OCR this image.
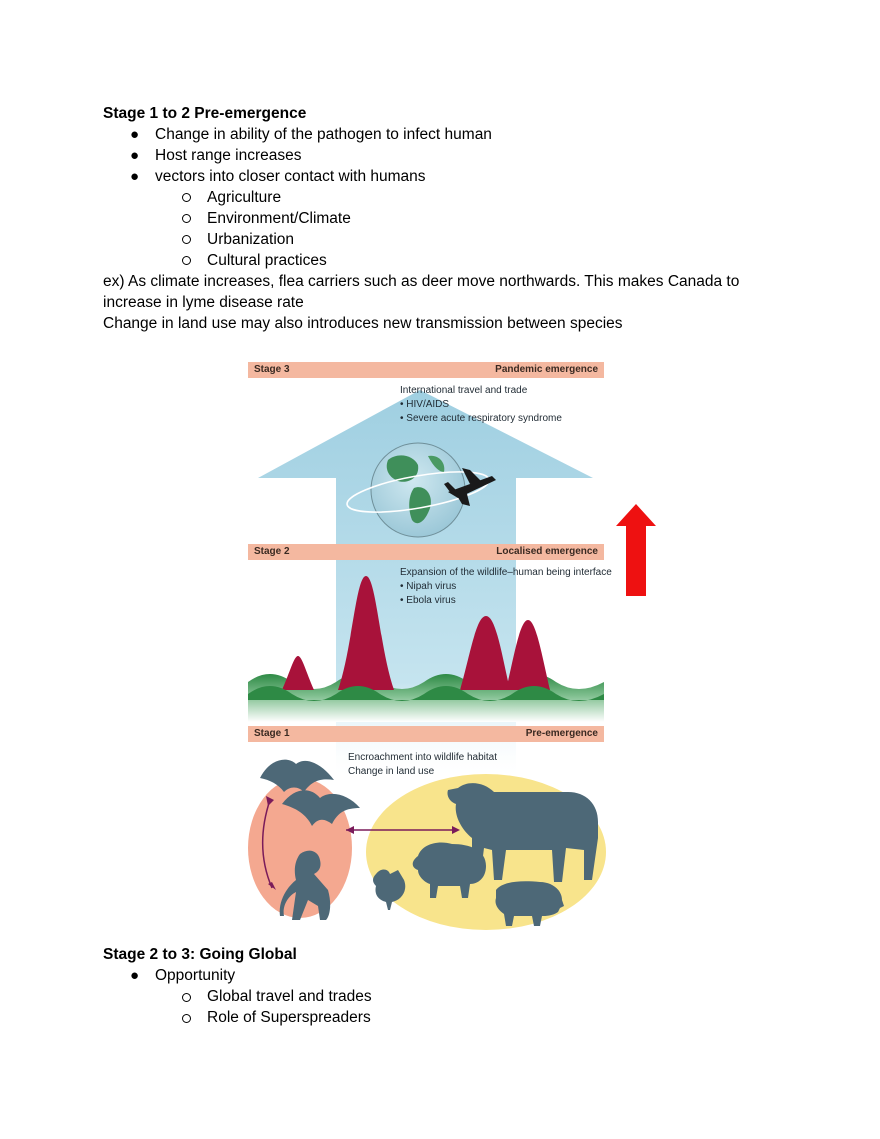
Stage 1 to 2 Pre-emergence
● Change in ability of the pathogen to infect human
● Host range increases
● vectors into closer contact with humans
Agriculture
Environment/Climate
Urbanization
Cultural practices
ex) As climate increases, flea carriers such as deer move northwards. This makes Canada to
increase in lyme disease rate
Change in land use may also introduces new transmission between species
Stage 3	Pandemic emergence
Stage 2	Localised emergence
Stage 1	Pre-emergence
International travel and trade
• HIV/AIDS
• Severe acute respiratory syndrome
Expansion of the wildlife–human being interface
• Nipah virus
• Ebola virus
Encroachment into wildlife habitat
Change in land use
Stage 2 to 3: Going Global
● Opportunity
Global travel and trades
Role of Superspreaders
